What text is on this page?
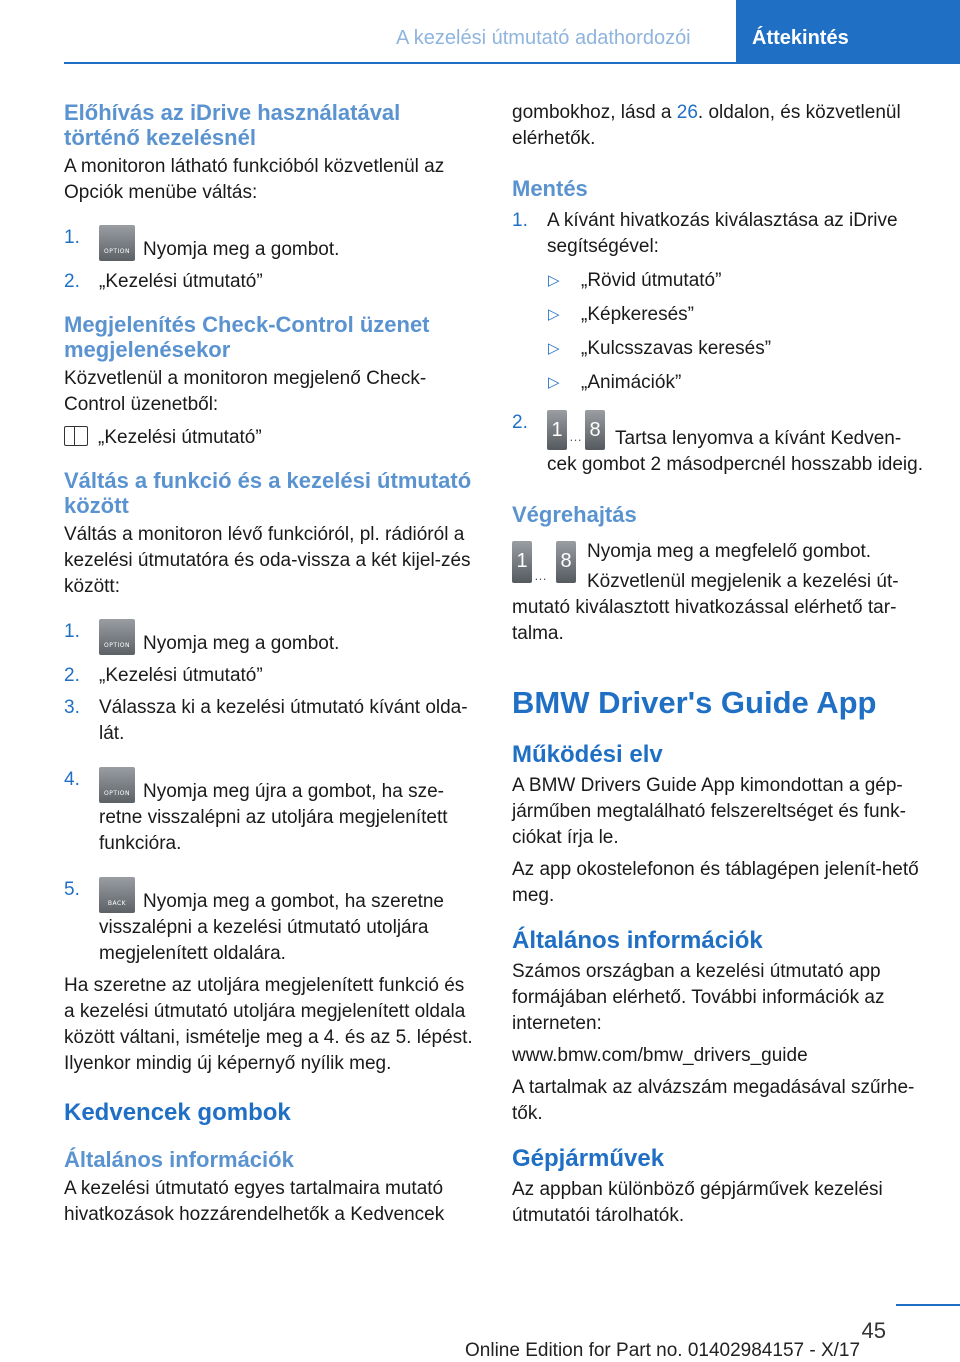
A kezelési útmutató adathordozói	Áttekintés

Előhívás az iDrive használatával történő kezelésnél

A monitoron látható funkcióból közvetlenül az Opciók menübe váltás:

1.
OPTION Nyomja meg a gombot.
2. „Kezelési útmutató”

Megjelenítés Check-Control üzenet megjelenésekor

Közvetlenül a monitoron megjelenő Check-Control üzenetből:

„Kezelési útmutató”

Váltás a funkció és a kezelési útmutató között

Váltás a monitoron lévő funkcióról, pl. rádióról a kezelési útmutatóra és oda-vissza a két kijel-zés között:

1.
OPTION Nyomja meg a gombot.
2. „Kezelési útmutató”
3. Válassza ki a kezelési útmutató kívánt olda-lát.
4.
OPTION Nyomja meg újra a gombot, ha sze-retne visszalépni az utoljára megjelenített funkcióra.
5.
BACK Nyomja meg a gombot, ha szeretne visszalépni a kezelési útmutató utoljára megjelenített oldalára.

Ha szeretne az utoljára megjelenített funkció és a kezelési útmutató utoljára megjelenített oldala között váltani, ismételje meg a 4. és az 5. lépést. Ilyenkor mindig új képernyő nyílik meg.

Kedvencek gombok

Általános információk

A kezelési útmutató egyes tartalmaira mutató hivatkozások hozzárendelhetők a Kedvencek

gombokhoz, lásd a 26. oldalon, és közvetlenül elérhetők.

Mentés

1. A kívánt hivatkozás kiválasztása az iDrive segítségével:
▷ „Rövid útmutató”
▷ „Képkeresés”
▷ „Kulcsszavas keresés”
▷ „Animációk”
2. 1 … 8 Tartsa lenyomva a kívánt Kedven-cek gombot 2 másodpercnél hosszabb ideig.

Végrehajtás

1
…
8 Nyomja meg a megfelelő gombot.

Közvetlenül megjelenik a kezelési út-mutató kiválasztott hivatkozással elérhető tar-talma.

BMW Driver's Guide App

Működési elv

A BMW Drivers Guide App kimondottan a gép-járműben megtalálható felszereltséget és funk-ciókat írja le.

Az app okostelefonon és táblagépen jelenít-hető meg.

Általános információk

Számos országban a kezelési útmutató app formájában elérhető. További információk az interneten:

www.bmw.com/bmw_drivers_guide

A tartalmak az alvázszám megadásával szűrhe-tők.

Gépjárművek

Az appban különböző gépjárművek kezelési útmutatói tárolhatók.

45
Online Edition for Part no. 01402984157 - X/17
